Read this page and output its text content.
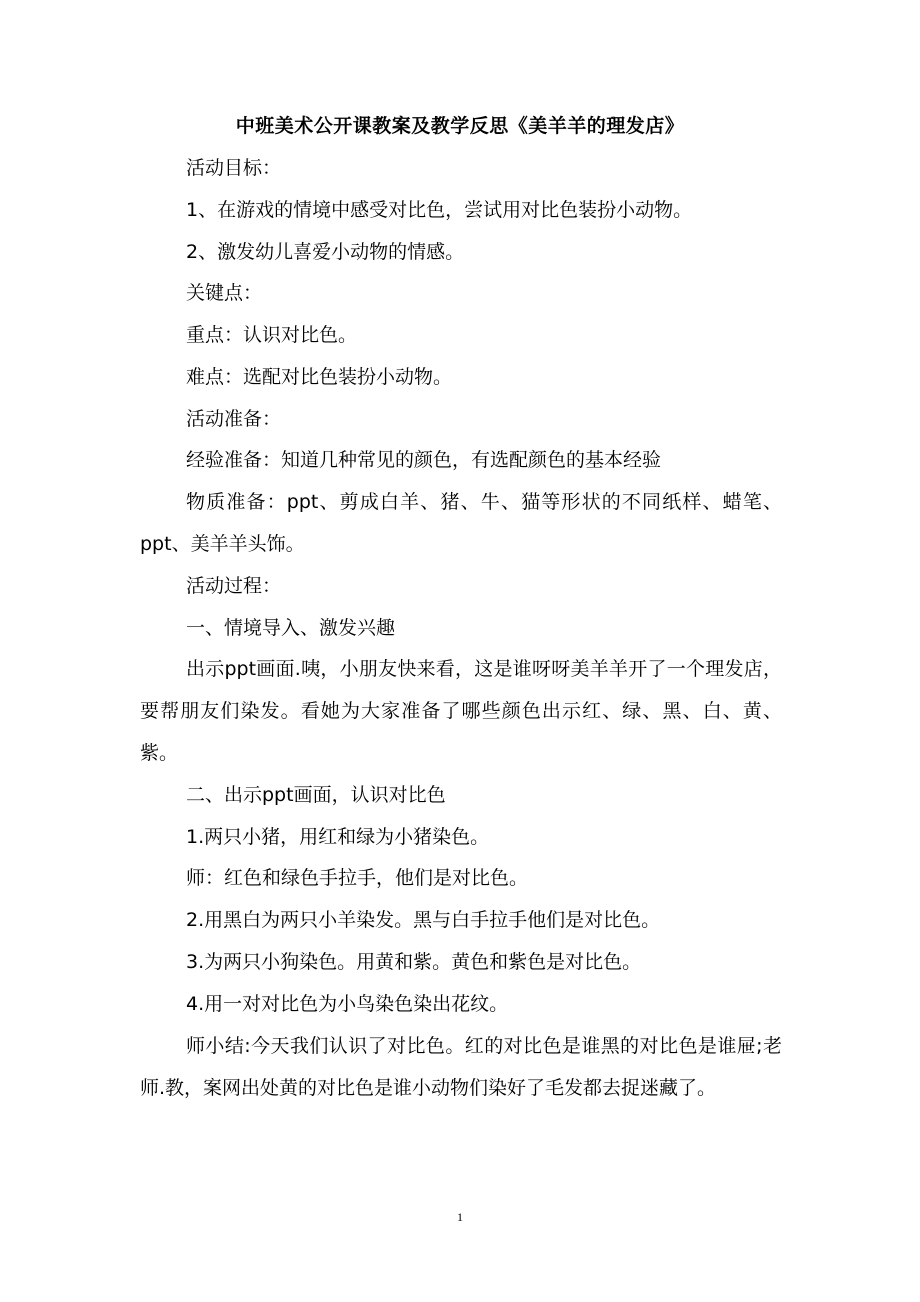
中班美术公开课教案及教学反思《美羊羊的理发店》

活动目标：

1、在游戏的情境中感受对比色，尝试用对比色装扮小动物。

2、激发幼儿喜爱小动物的情感。

关键点：

重点：认识对比色。

难点：选配对比色装扮小动物。

活动准备：

经验准备：知道几种常见的颜色，有选配颜色的基本经验

物质准备：ppt、剪成白羊、猪、牛、猫等形状的不同纸样、蜡笔、ppt、美羊羊头饰。

活动过程：

一、情境导入、激发兴趣

出示ppt画面.咦，小朋友快来看，这是谁呀呀美羊羊开了一个理发店，要帮朋友们染发。看她为大家准备了哪些颜色出示红、绿、黑、白、黄、紫。

二、出示ppt画面，认识对比色

1.两只小猪，用红和绿为小猪染色。

师：红色和绿色手拉手，他们是对比色。

2.用黑白为两只小羊染发。黑与白手拉手他们是对比色。

3.为两只小狗染色。用黄和紫。黄色和紫色是对比色。

4.用一对对比色为小鸟染色染出花纹。

师小结:今天我们认识了对比色。红的对比色是谁黑的对比色是谁屉;老师.教，案网出处黄的对比色是谁小动物们染好了毛发都去捉迷藏了。

1
